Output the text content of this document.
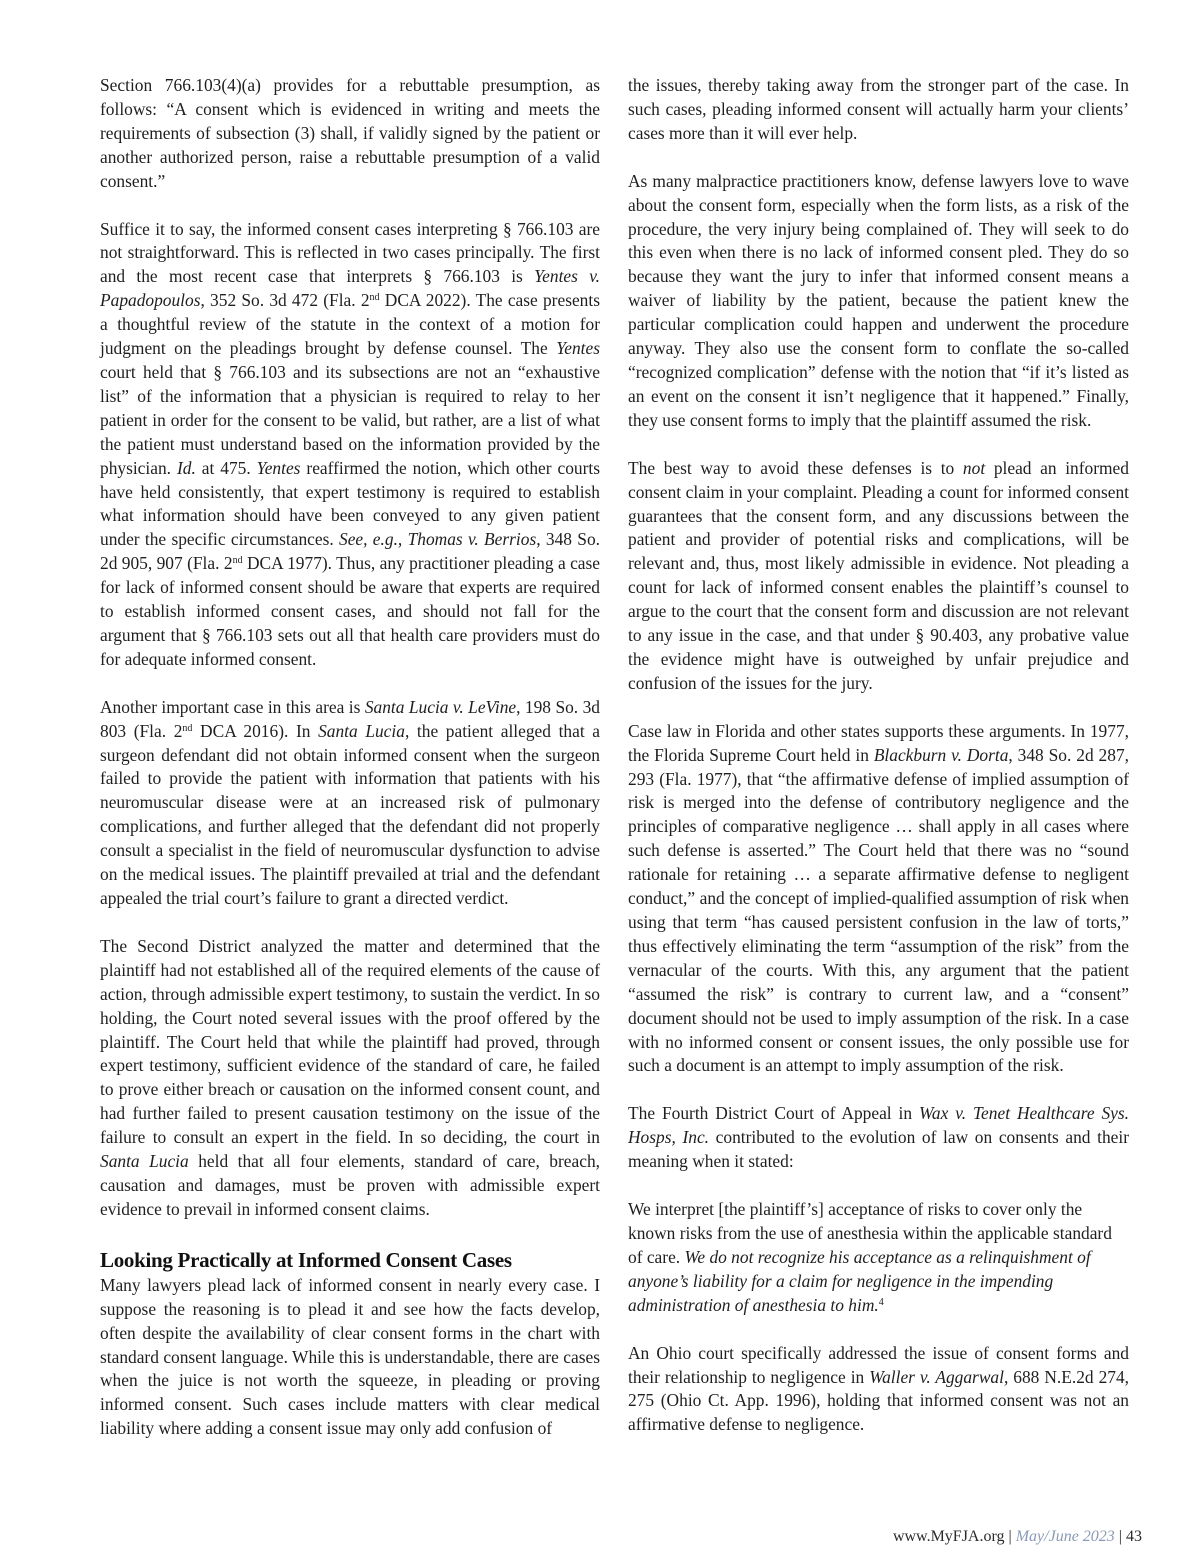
Section 766.103(4)(a) provides for a rebuttable presumption, as follows: “A consent which is evidenced in writing and meets the requirements of subsection (3) shall, if validly signed by the patient or another authorized person, raise a rebuttable presumption of a valid consent.”

Suffice it to say, the informed consent cases interpreting § 766.103 are not straightforward. This is reflected in two cases principally. The first and the most recent case that interprets § 766.103 is Yentes v. Papadopoulos, 352 So. 3d 472 (Fla. 2nd DCA 2022). The case presents a thoughtful review of the statute in the context of a motion for judgment on the pleadings brought by defense counsel. The Yentes court held that § 766.103 and its subsections are not an “exhaustive list” of the information that a physician is required to relay to her patient in order for the consent to be valid, but rather, are a list of what the patient must understand based on the information provided by the physician. Id. at 475. Yentes reaffirmed the notion, which other courts have held consistently, that expert testimony is required to establish what information should have been conveyed to any given patient under the specific circumstances. See, e.g., Thomas v. Berrios, 348 So. 2d 905, 907 (Fla. 2nd DCA 1977). Thus, any practitioner pleading a case for lack of informed consent should be aware that experts are required to establish informed consent cases, and should not fall for the argument that § 766.103 sets out all that health care providers must do for adequate informed consent.

Another important case in this area is Santa Lucia v. LeVine, 198 So. 3d 803 (Fla. 2nd DCA 2016). In Santa Lucia, the patient alleged that a surgeon defendant did not obtain informed consent when the surgeon failed to provide the patient with information that patients with his neuromuscular disease were at an increased risk of pulmonary complications, and further alleged that the defendant did not properly consult a specialist in the field of neuromuscular dysfunction to advise on the medical issues. The plaintiff prevailed at trial and the defendant appealed the trial court’s failure to grant a directed verdict.

The Second District analyzed the matter and determined that the plaintiff had not established all of the required elements of the cause of action, through admissible expert testimony, to sustain the verdict. In so holding, the Court noted several issues with the proof offered by the plaintiff. The Court held that while the plaintiff had proved, through expert testimony, sufficient evidence of the standard of care, he failed to prove either breach or causation on the informed consent count, and had further failed to present causation testimony on the issue of the failure to consult an expert in the field. In so deciding, the court in Santa Lucia held that all four elements, standard of care, breach, causation and damages, must be proven with admissible expert evidence to prevail in informed consent claims.

Looking Practically at Informed Consent Cases

Many lawyers plead lack of informed consent in nearly every case. I suppose the reasoning is to plead it and see how the facts develop, often despite the availability of clear consent forms in the chart with standard consent language. While this is understandable, there are cases when the juice is not worth the squeeze, in pleading or proving informed consent. Such cases include matters with clear medical liability where adding a consent issue may only add confusion of

the issues, thereby taking away from the stronger part of the case. In such cases, pleading informed consent will actually harm your clients’ cases more than it will ever help.

As many malpractice practitioners know, defense lawyers love to wave about the consent form, especially when the form lists, as a risk of the procedure, the very injury being complained of. They will seek to do this even when there is no lack of informed consent pled. They do so because they want the jury to infer that informed consent means a waiver of liability by the patient, because the patient knew the particular complication could happen and underwent the procedure anyway. They also use the consent form to conflate the so-called “recognized complication” defense with the notion that “if it’s listed as an event on the consent it isn’t negligence that it happened.” Finally, they use consent forms to imply that the plaintiff assumed the risk.

The best way to avoid these defenses is to not plead an informed consent claim in your complaint. Pleading a count for informed consent guarantees that the consent form, and any discussions between the patient and provider of potential risks and complications, will be relevant and, thus, most likely admissible in evidence. Not pleading a count for lack of informed consent enables the plaintiff’s counsel to argue to the court that the consent form and discussion are not relevant to any issue in the case, and that under § 90.403, any probative value the evidence might have is outweighed by unfair prejudice and confusion of the issues for the jury.

Case law in Florida and other states supports these arguments. In 1977, the Florida Supreme Court held in Blackburn v. Dorta, 348 So. 2d 287, 293 (Fla. 1977), that “the affirmative defense of implied assumption of risk is merged into the defense of contributory negligence and the principles of comparative negligence … shall apply in all cases where such defense is asserted.” The Court held that there was no “sound rationale for retaining … a separate affirmative defense to negligent conduct,” and the concept of implied-qualified assumption of risk when using that term “has caused persistent confusion in the law of torts,” thus effectively eliminating the term “assumption of the risk” from the vernacular of the courts. With this, any argument that the patient “assumed the risk” is contrary to current law, and a “consent” document should not be used to imply assumption of the risk. In a case with no informed consent or consent issues, the only possible use for such a document is an attempt to imply assumption of the risk.

The Fourth District Court of Appeal in Wax v. Tenet Healthcare Sys. Hosps, Inc. contributed to the evolution of law on consents and their meaning when it stated:

We interpret [the plaintiff’s] acceptance of risks to cover only the known risks from the use of anesthesia within the applicable standard of care. We do not recognize his acceptance as a relinquishment of anyone’s liability for a claim for negligence in the impending administration of anesthesia to him.$^4$

An Ohio court specifically addressed the issue of consent forms and their relationship to negligence in Waller v. Aggarwal, 688 N.E.2d 274, 275 (Ohio Ct. App. 1996), holding that informed consent was not an affirmative defense to negligence.

www.MyFJA.org | May/June 2023 | 43
